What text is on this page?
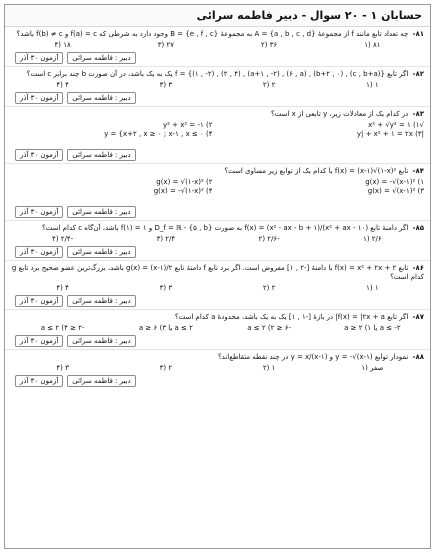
حسابان ۱ - ۲۰ سوال - دبیر فاطمه سرائی
۸۱- چه تعداد تابع مانند f از مجموعهٔ A = {a , b , c , d} به مجموعهٔ B = {e , f , c} وجود دارد به شرطی که f(a) = c و f(b) ≠ c باشد؟
۸۱ (۱
۳۶ (۲
۲۷ (۳
۱۸ (۴
آزمون ۳۰ آذر	دبیر : فاطمه سرائی
۸۲- اگر تابع f = {(۱ , -۲) , (۲ , ۴) , (a+۱ , -۲) , (۶ , a) , (b+۲ , ۰) , (c , b+a)} یک به یک باشد، در آن صورت b چند برابر c است؟
۱ (۱
۲ (۲
۳ (۳
۴ (۴
آزمون ۳۰ آذر	دبیر : فاطمه سرائی
۸۳- در کدام یک از معادلات زیر، y تابعی از x است؟
√x² + √y² = ۱ (۱
y² + x² = -۱ (۲
|y| + x² + ۱ = ۲x (۳
y = {x+۲ , x ≥ ۰ ; x-۱ , x ≤ ۰ (۴
آزمون ۳۰ آذر	دبیر : فاطمه سرائی
۸۴- تابع f(x) = (x-۱)√(۱-x)² با کدام یک از توابع زیر مساوی است؟
g(x) = -√(x-۱)² (۱
g(x) = √(۱-x)² (۲
g(x) = √(x-۱)² (۳
g(x) = -√(۱-x)² (۴
آزمون ۳۰ آذر	دبیر : فاطمه سرائی
۸۵- اگر دامنهٔ تابع f(x) = (x² - ax - b + ۱)/(x² + ax - ۱۰) به صورت D_f = ℝ - {۵ , b} و f(۱) = ۱ باشد، آن‌گاه c کدام است؟
۲/۶ (۱
-۲/۶ (۲
۲/۴ (۳
-۲/۴ (۴
آزمون ۳۰ آذر	دبیر : فاطمه سرائی
۸۶- تابع f(x) = x² + ۲x + ۲ با دامنهٔ [-۲ , ۱] مفروض است. اگر برد تابع f دامنهٔ تابع g(x) = (x-۱)/۲ باشد، بزرگ‌ترین عضو صحیح برد تابع g کدام است؟
۱ (۱
۲ (۲
۳ (۳
۴ (۴
آزمون ۳۰ آذر	دبیر : فاطمه سرائی
۸۷- اگر تابع f(x) = |۲x + a| در بازهٔ [-۱ , ۱] یک به یک باشد، محدودهٔ a کدام است؟
a ≤ -۲ یا a ≥ ۲ (۱
-۶ ≤ a ≤ ۲ (۲
a ≤ ۲ یا a ≥ ۶ (۳
-۲ ≤ a ≤ ۲ (۴
آزمون ۳۰ آذر	دبیر : فاطمه سرائی
۸۸- نمودار توابع y = -√(x-۱) و y = x/(x-۱) در چند نقطه متقاطع‌اند؟
صفر (۱
۱ (۲
۲ (۳
۳ (۴
آزمون ۳۰ آذر	دبیر : فاطمه سرائی
